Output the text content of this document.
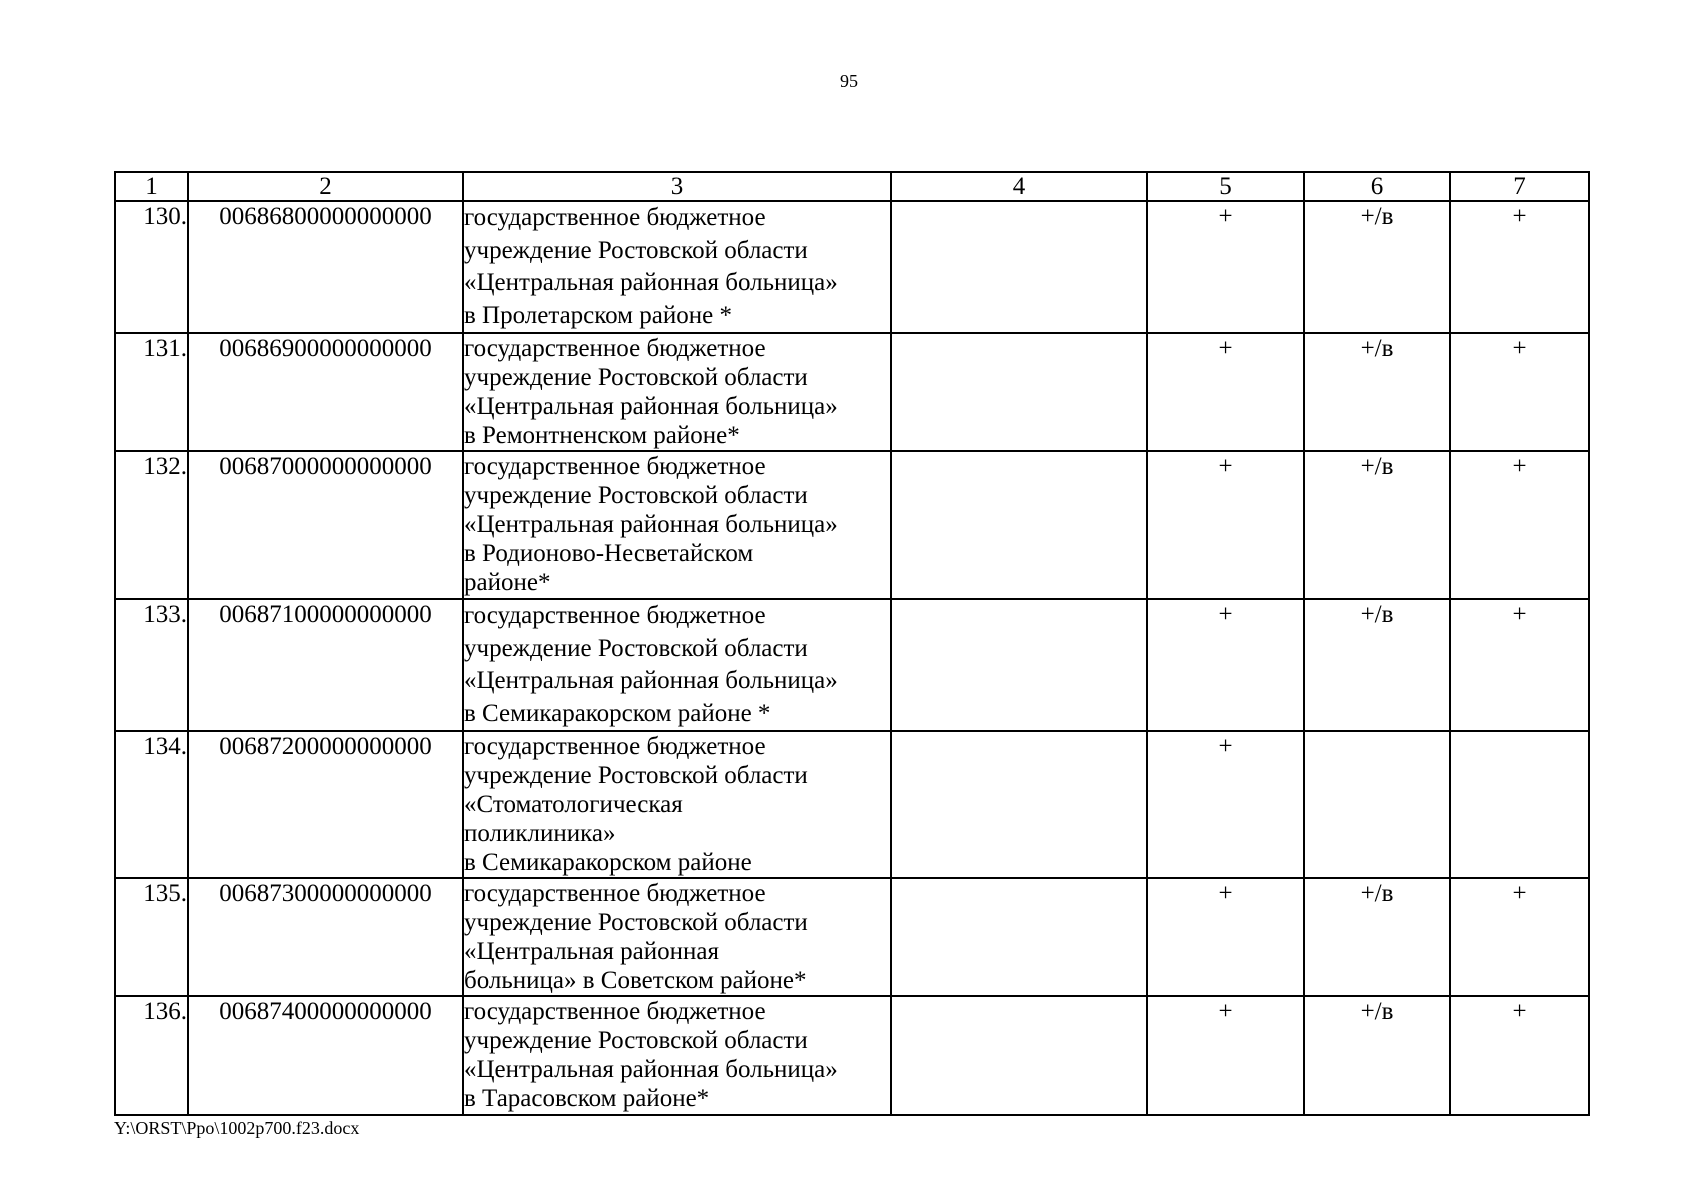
95
1	2	3	4	5	6	7
130.	00686800000000000	государственное бюджетное
учреждение Ростовской области
«Центральная районная больница»
в Пролетарском районе *		+	+/в	+
131.	00686900000000000	государственное бюджетное
учреждение Ростовской области
«Центральная районная больница»
в Ремонтненском районе*		+	+/в	+
132.	00687000000000000	государственное бюджетное
учреждение Ростовской области
«Центральная районная больница»
в Родионово-Несветайском
районе*		+	+/в	+
133.	00687100000000000	государственное бюджетное
учреждение Ростовской области
«Центральная районная больница»
в Семикаракорском районе *		+	+/в	+
134.	00687200000000000	государственное бюджетное
учреждение Ростовской области
«Стоматологическая
поликлиника»
в Семикаракорском районе		+		
135.	00687300000000000	государственное бюджетное
учреждение Ростовской области
«Центральная районная
больница» в Советском районе*		+	+/в	+
136.	00687400000000000	государственное бюджетное
учреждение Ростовской области
«Центральная районная больница»
в Тарасовском районе*		+	+/в	+
Y:\ORST\Ppo\1002p700.f23.docx
